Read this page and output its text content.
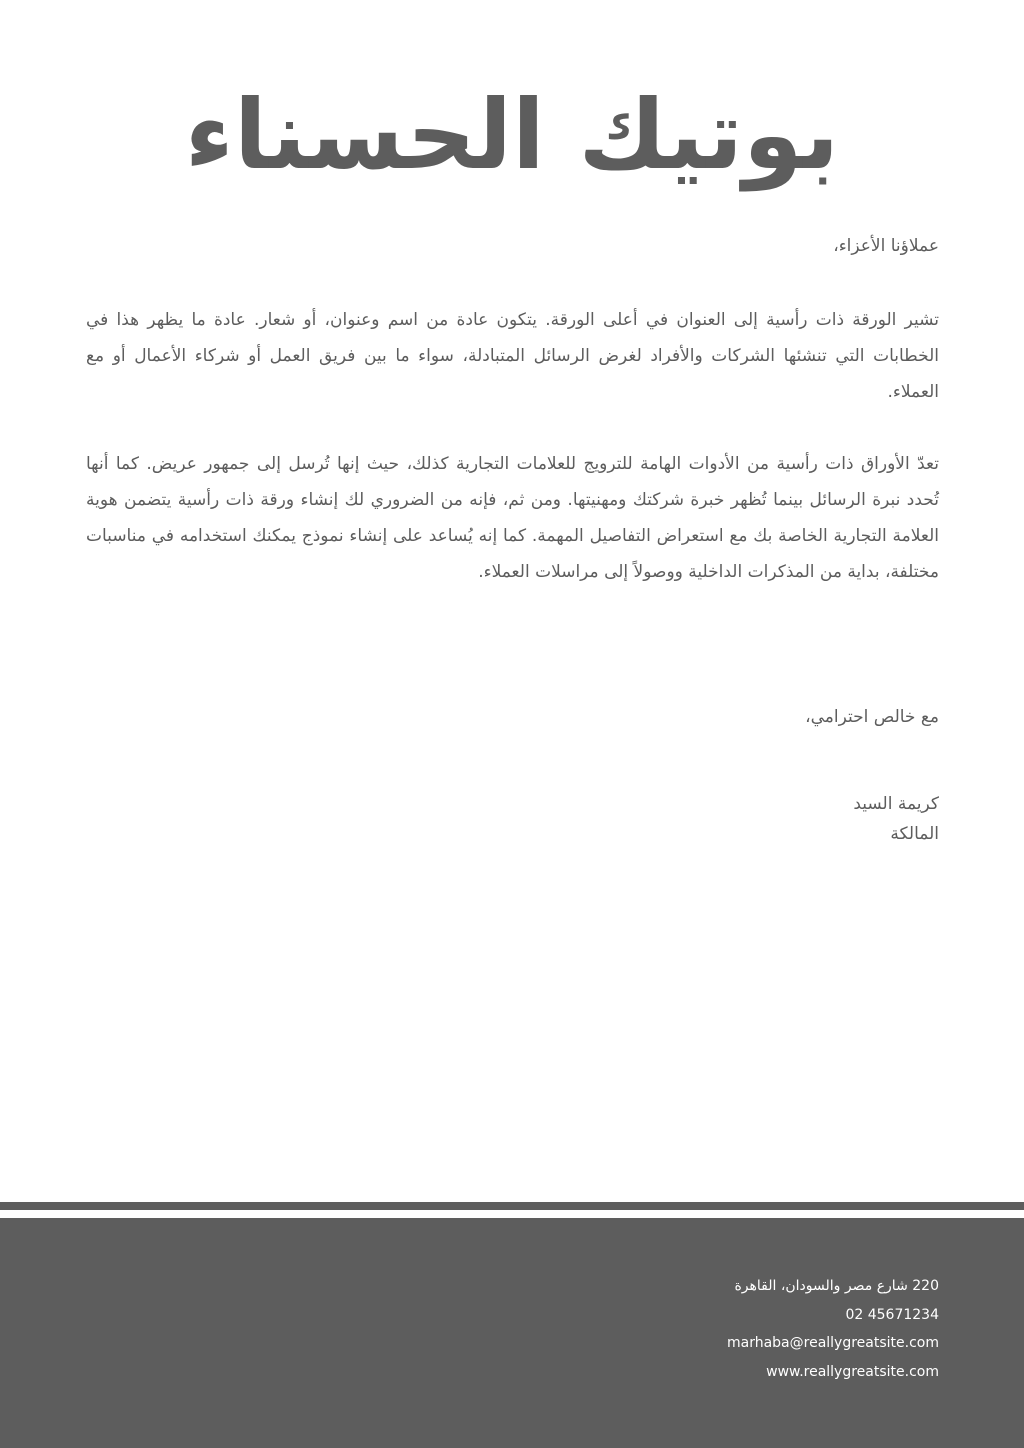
بوتيك الحسناء
عملاؤنا الأعزاء،
تشير الورقة ذات رأسية إلى العنوان في أعلى الورقة. يتكون عادة من اسم وعنوان، أو شعار. عادة ما يظهر هذا في الخطابات التي تنشئها الشركات والأفراد لغرض الرسائل المتبادلة، سواء ما بين فريق العمل أو شركاء الأعمال أو مع العملاء.
تعدّ الأوراق ذات رأسية من الأدوات الهامة للترويج للعلامات التجارية كذلك، حيث إنها تُرسل إلى جمهور عريض. كما أنها تُحدد نبرة الرسائل بينما تُظهر خبرة شركتك ومهنيتها. ومن ثم، فإنه من الضروري لك إنشاء ورقة ذات رأسية يتضمن هوية العلامة التجارية الخاصة بك مع استعراض التفاصيل المهمة. كما إنه يُساعد على إنشاء نموذج يمكنك استخدامه في مناسبات مختلفة، بداية من المذكرات الداخلية ووصولاً إلى مراسلات العملاء.
مع خالص احترامي،
كريمة السيد
المالكة
220 شارع مصر والسودان، القاهرة
02 45671234
marhaba@reallygreatsite.com
www.reallygreatsite.com
